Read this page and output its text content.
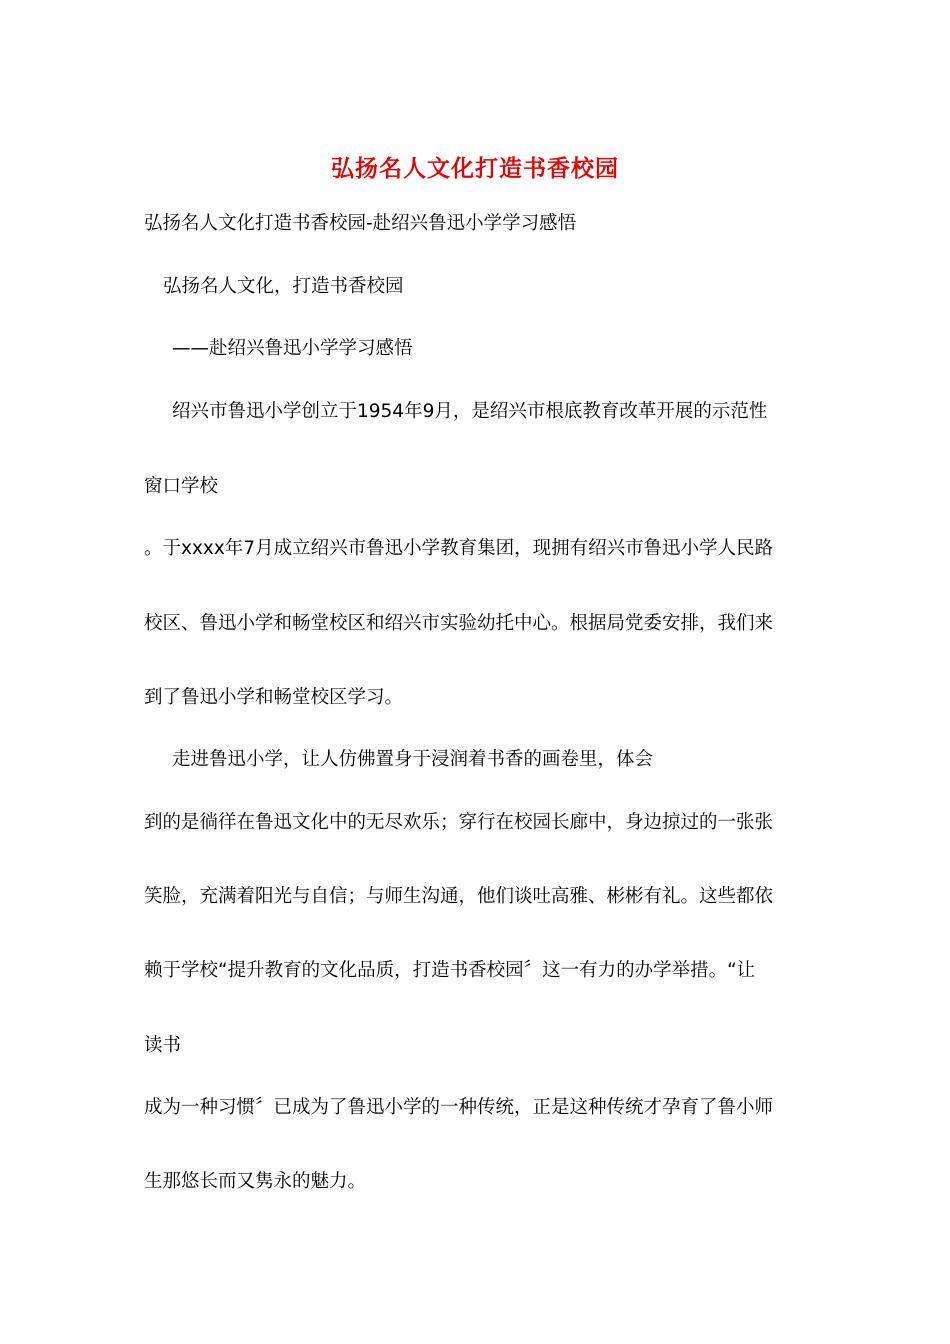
弘扬名人文化打造书香校园
弘扬名人文化打造书香校园-赴绍兴鲁迅小学学习感悟
弘扬名人文化，打造书香校园
——赴绍兴鲁迅小学学习感悟
绍兴市鲁迅小学创立于1954年9月，是绍兴市根底教育改革开展的示范性
窗口学校
。于xxxx年7月成立绍兴市鲁迅小学教育集团，现拥有绍兴市鲁迅小学人民路
校区、鲁迅小学和畅堂校区和绍兴市实验幼托中心。根据局党委安排，我们来
到了鲁迅小学和畅堂校区学习。
走进鲁迅小学，让人仿佛置身于浸润着书香的画卷里，体会
到的是徜徉在鲁迅文化中的无尽欢乐；穿行在校园长廊中，身边掠过的一张张
笑脸，充满着阳光与自信；与师生沟通，他们谈吐高雅、彬彬有礼。这些都依
赖于学校“提升教育的文化品质，打造书香校园〞这一有力的办学举措。“让
读书
成为一种习惯〞已成为了鲁迅小学的一种传统，正是这种传统才孕育了鲁小师
生那悠长而又隽永的魅力。
